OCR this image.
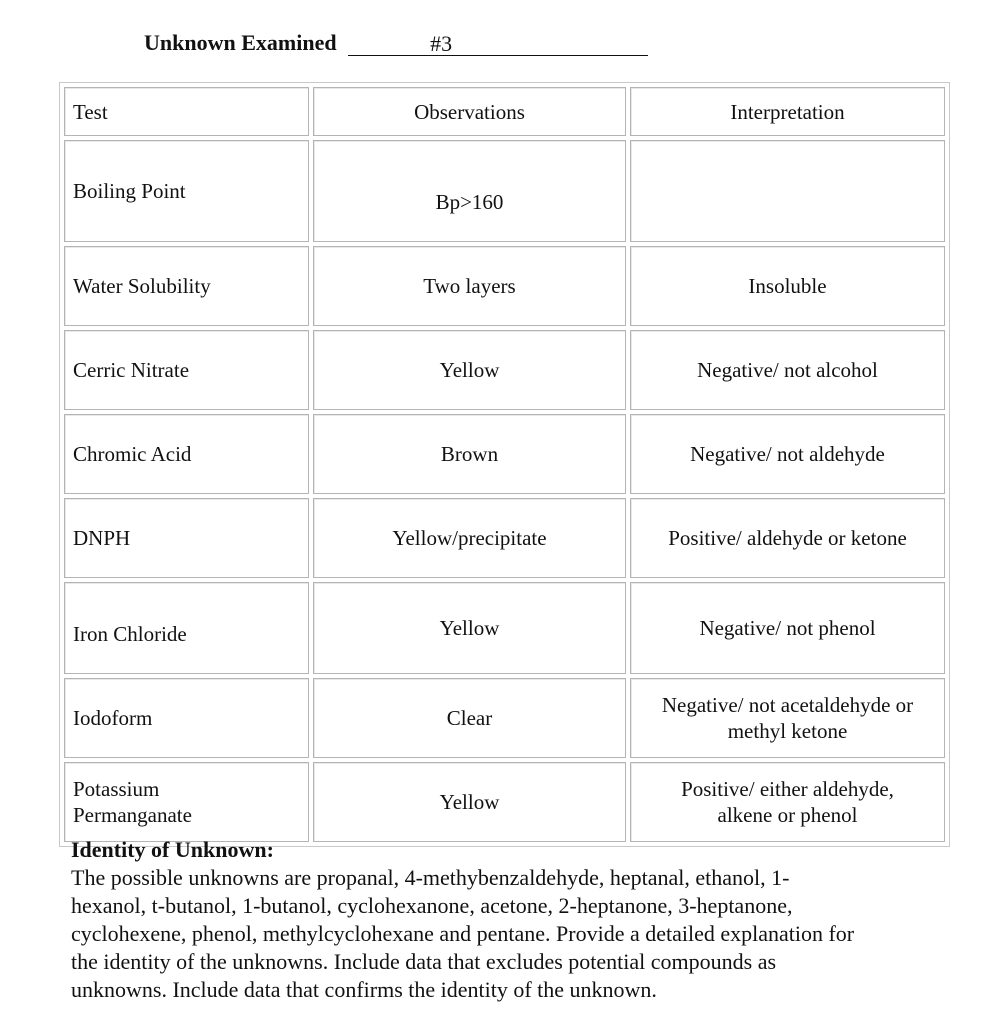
Unknown Examined	#3
Test	Observations	Interpretation
Boiling Point	Bp>160	
Water Solubility	Two layers	Insoluble
Cerric Nitrate	Yellow	Negative/ not alcohol
Chromic Acid	Brown	Negative/ not aldehyde
DNPH	Yellow/precipitate	Positive/ aldehyde or ketone
Iron Chloride	Yellow	Negative/ not phenol
Iodoform	Clear	Negative/ not acetaldehyde or
methyl ketone
Potassium
Permanganate	Yellow	Positive/ either aldehyde,
alkene or phenol
Identity of Unknown:
The possible unknowns are propanal, 4-methybenzaldehyde, heptanal, ethanol, 1-
hexanol, t-butanol, 1-butanol, cyclohexanone, acetone, 2-heptanone, 3-heptanone,
cyclohexene, phenol, methylcyclohexane and pentane. Provide a detailed explanation for
the identity of the unknowns. Include data that excludes potential compounds as
unknowns. Include data that confirms the identity of the unknown.
